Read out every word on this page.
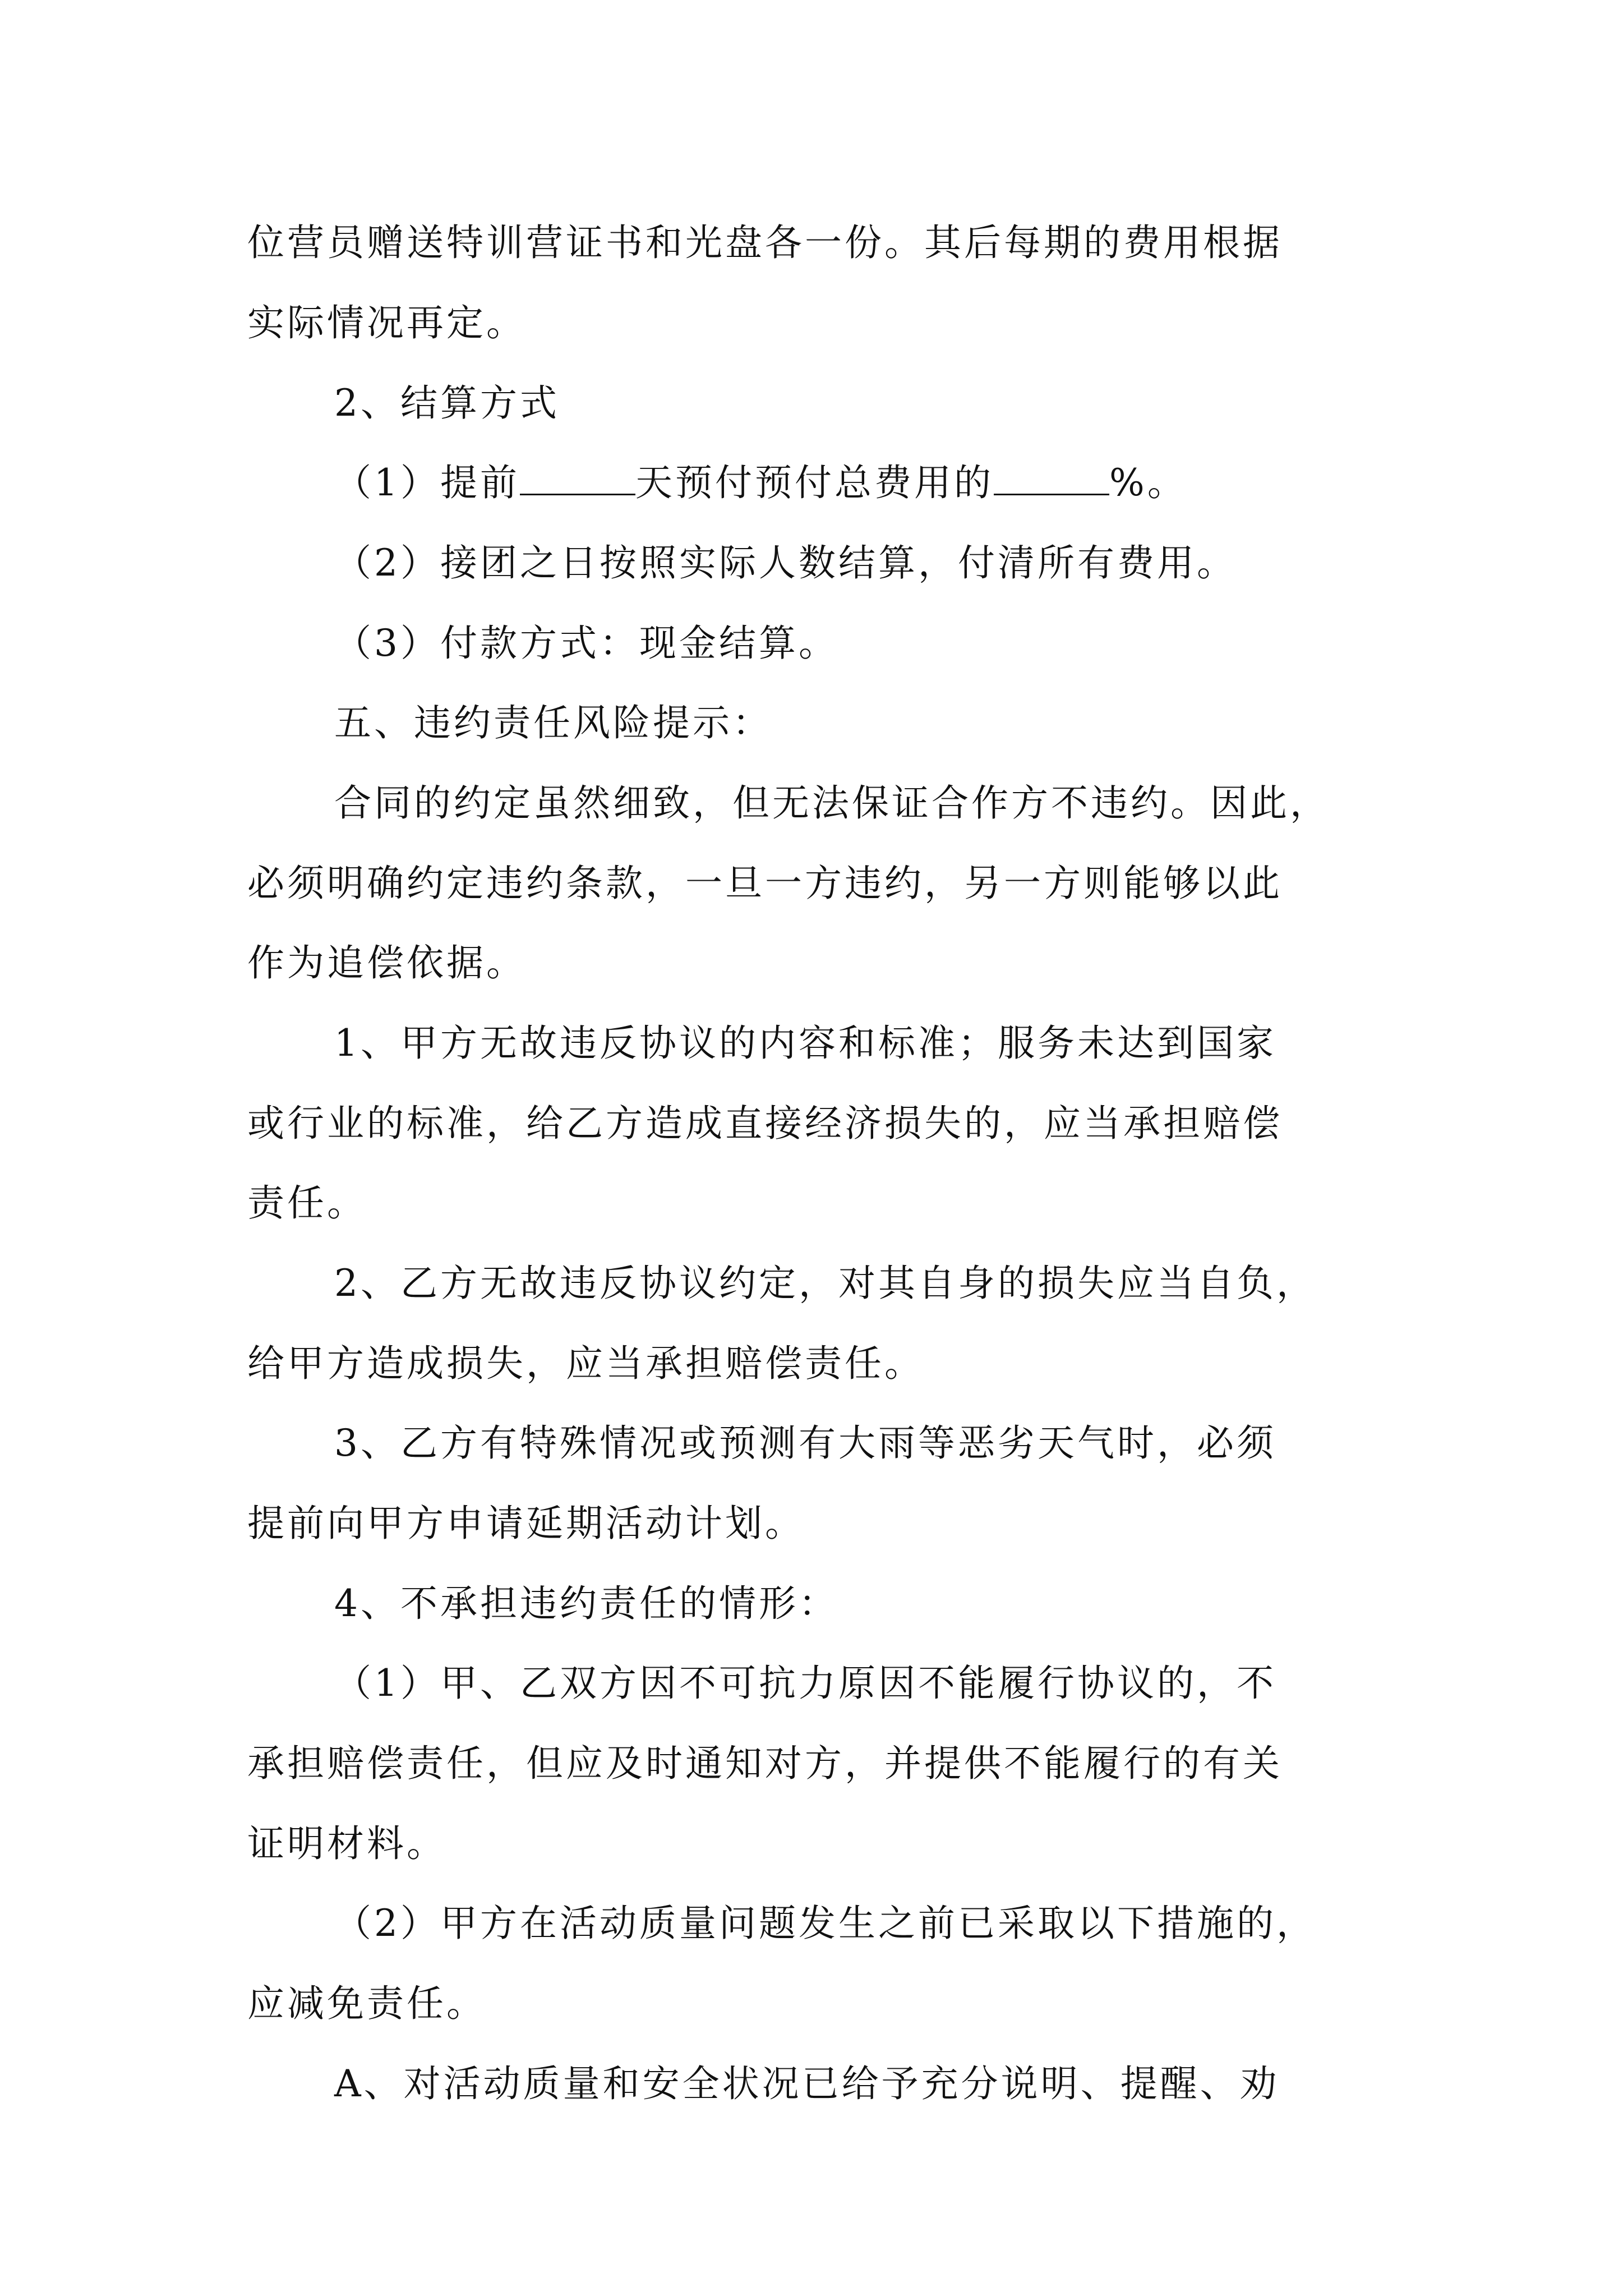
位营员赠送特训营证书和光盘各一份。其后每期的费用根据

实际情况再定。

2、结算方式

（1）提前	天预付预付总费用的	%。

（2）接团之日按照实际人数结算，付清所有费用。

（3）付款方式：现金结算。

五、违约责任风险提示：

合同的约定虽然细致，但无法保证合作方不违约。因此，

必须明确约定违约条款，一旦一方违约，另一方则能够以此

作为追偿依据。

1、甲方无故违反协议的内容和标准；服务未达到国家

或行业的标准，给乙方造成直接经济损失的，应当承担赔偿

责任。

2、乙方无故违反协议约定，对其自身的损失应当自负，

给甲方造成损失，应当承担赔偿责任。

3、乙方有特殊情况或预测有大雨等恶劣天气时，必须

提前向甲方申请延期活动计划。

4、不承担违约责任的情形：

（1）甲、乙双方因不可抗力原因不能履行协议的，不

承担赔偿责任，但应及时通知对方，并提供不能履行的有关

证明材料。

（2）甲方在活动质量问题发生之前已采取以下措施的，

应减免责任。

A、对活动质量和安全状况已给予充分说明、提醒、劝
